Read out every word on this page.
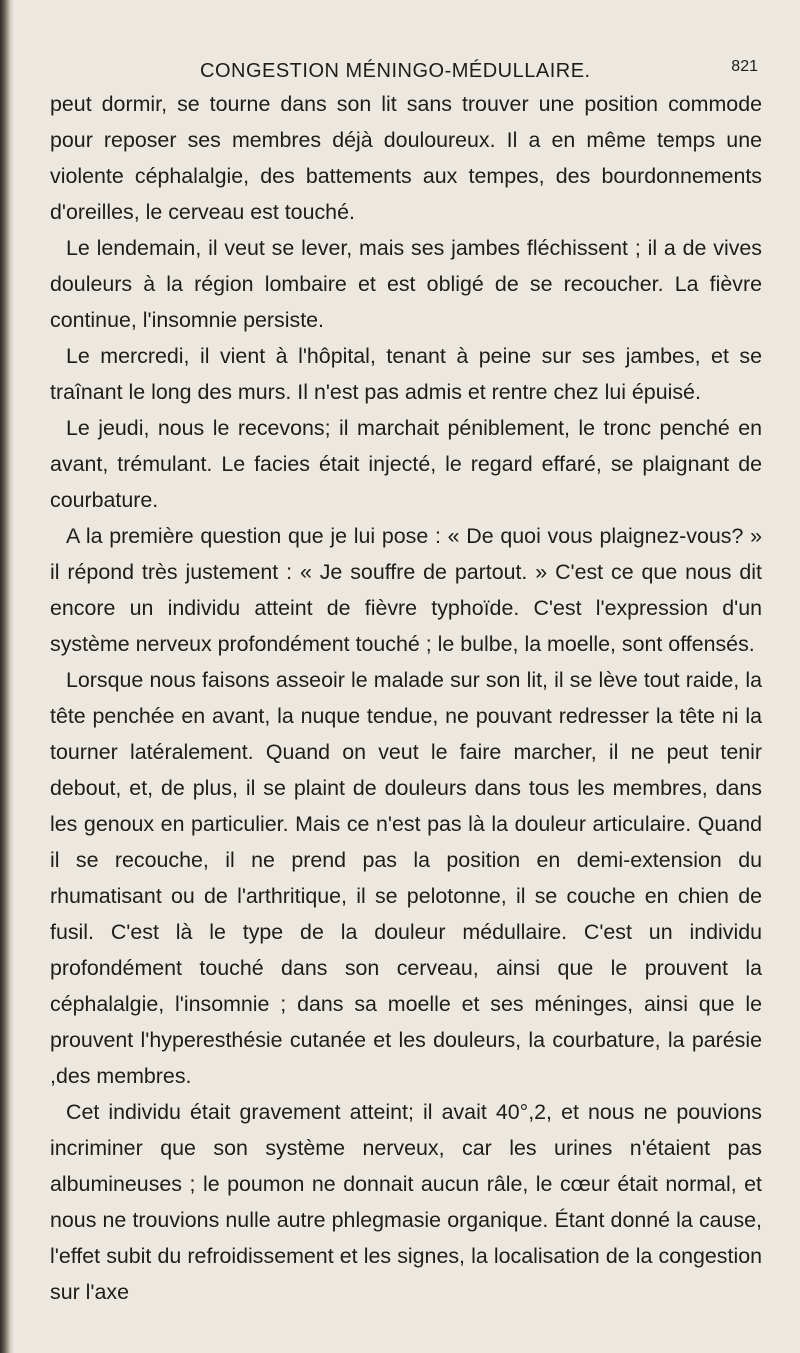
CONGESTION MÉNINGO-MÉDULLAIRE.	821

peut dormir, se tourne dans son lit sans trouver une position commode pour reposer ses membres déjà douloureux. Il a en même temps une violente céphalalgie, des battements aux tempes, des bourdonnements d'oreilles, le cerveau est touché.

Le lendemain, il veut se lever, mais ses jambes fléchissent ; il a de vives douleurs à la région lombaire et est obligé de se recoucher. La fièvre continue, l'insomnie persiste.

Le mercredi, il vient à l'hôpital, tenant à peine sur ses jambes, et se traînant le long des murs. Il n'est pas admis et rentre chez lui épuisé.

Le jeudi, nous le recevons; il marchait péniblement, le tronc penché en avant, trémulant. Le facies était injecté, le regard effaré, se plaignant de courbature.

A la première question que je lui pose : « De quoi vous plaignez-vous? » il répond très justement : « Je souffre de partout. » C'est ce que nous dit encore un individu atteint de fièvre typhoïde. C'est l'expression d'un système nerveux profondément touché ; le bulbe, la moelle, sont offensés.

Lorsque nous faisons asseoir le malade sur son lit, il se lève tout raide, la tête penchée en avant, la nuque tendue, ne pouvant redresser la tête ni la tourner latéralement. Quand on veut le faire marcher, il ne peut tenir debout, et, de plus, il se plaint de douleurs dans tous les membres, dans les genoux en particulier. Mais ce n'est pas là la douleur articulaire. Quand il se recouche, il ne prend pas la position en demi-extension du rhumatisant ou de l'arthritique, il se pelotonne, il se couche en chien de fusil. C'est là le type de la douleur médullaire. C'est un individu profondément touché dans son cerveau, ainsi que le prouvent la céphalalgie, l'insomnie ; dans sa moelle et ses méninges, ainsi que le prouvent l'hyperesthésie cutanée et les douleurs, la courbature, la parésie ,des membres.

Cet individu était gravement atteint; il avait 40°,2, et nous ne pouvions incriminer que son système nerveux, car les urines n'étaient pas albumineuses ; le poumon ne donnait aucun râle, le cœur était normal, et nous ne trouvions nulle autre phlegmasie organique. Étant donné la cause, l'effet subit du refroidissement et les signes, la localisation de la congestion sur l'axe
